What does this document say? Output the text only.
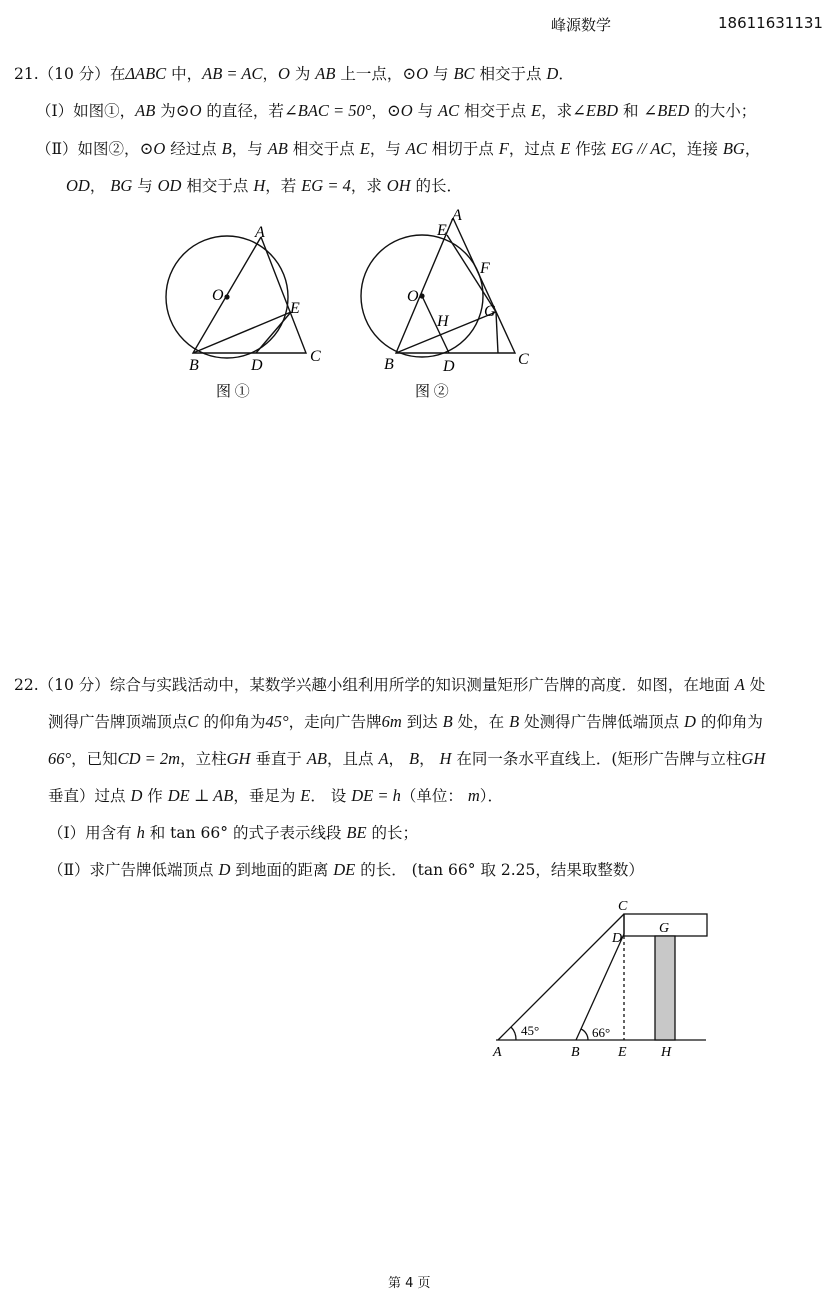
峰源数学	18611631131
21.（10 分）在ΔABC 中，AB = AC，O 为 AB 上一点，⊙O 与 BC 相交于点 D．
（Ⅰ）如图①，AB 为⊙O 的直径，若∠BAC = 50°，⊙O 与 AC 相交于点 E，求∠EBD 和 ∠BED 的大小；
（Ⅱ）如图②，⊙O 经过点 B，与 AB 相交于点 E，与 AC 相切于点 F，过点 E 作弦 EG // AC，连接 BG，
OD， BG 与 OD 相交于点 H，若 EG = 4，求 OH 的长．
A
O
E
B	D
C
图 ①
A
E
F
O
H
G
B	D	C
图 ②
22.（10 分）综合与实践活动中，某数学兴趣小组利用所学的知识测量矩形广告牌的高度．如图，在地面 A 处
测得广告牌顶端顶点C 的仰角为45°，走向广告牌6m 到达 B 处，在 B 处测得广告牌低端顶点 D 的仰角为
66°，已知CD = 2m，立柱GH 垂直于 AB，且点 A， B， H 在同一条水平直线上．(矩形广告牌与立柱GH
垂直）过点 D 作 DE ⊥ AB，垂足为 E． 设 DE = h（单位： m）．
（Ⅰ）用含有 h 和 tan 66° 的式子表示线段 BE 的长；
（Ⅱ）求广告牌低端顶点 D 到地面的距离 DE 的长． (tan 66° 取 2.25，结果取整数）
C
D
G
A	B	E H
45°	66°
第 4 页
